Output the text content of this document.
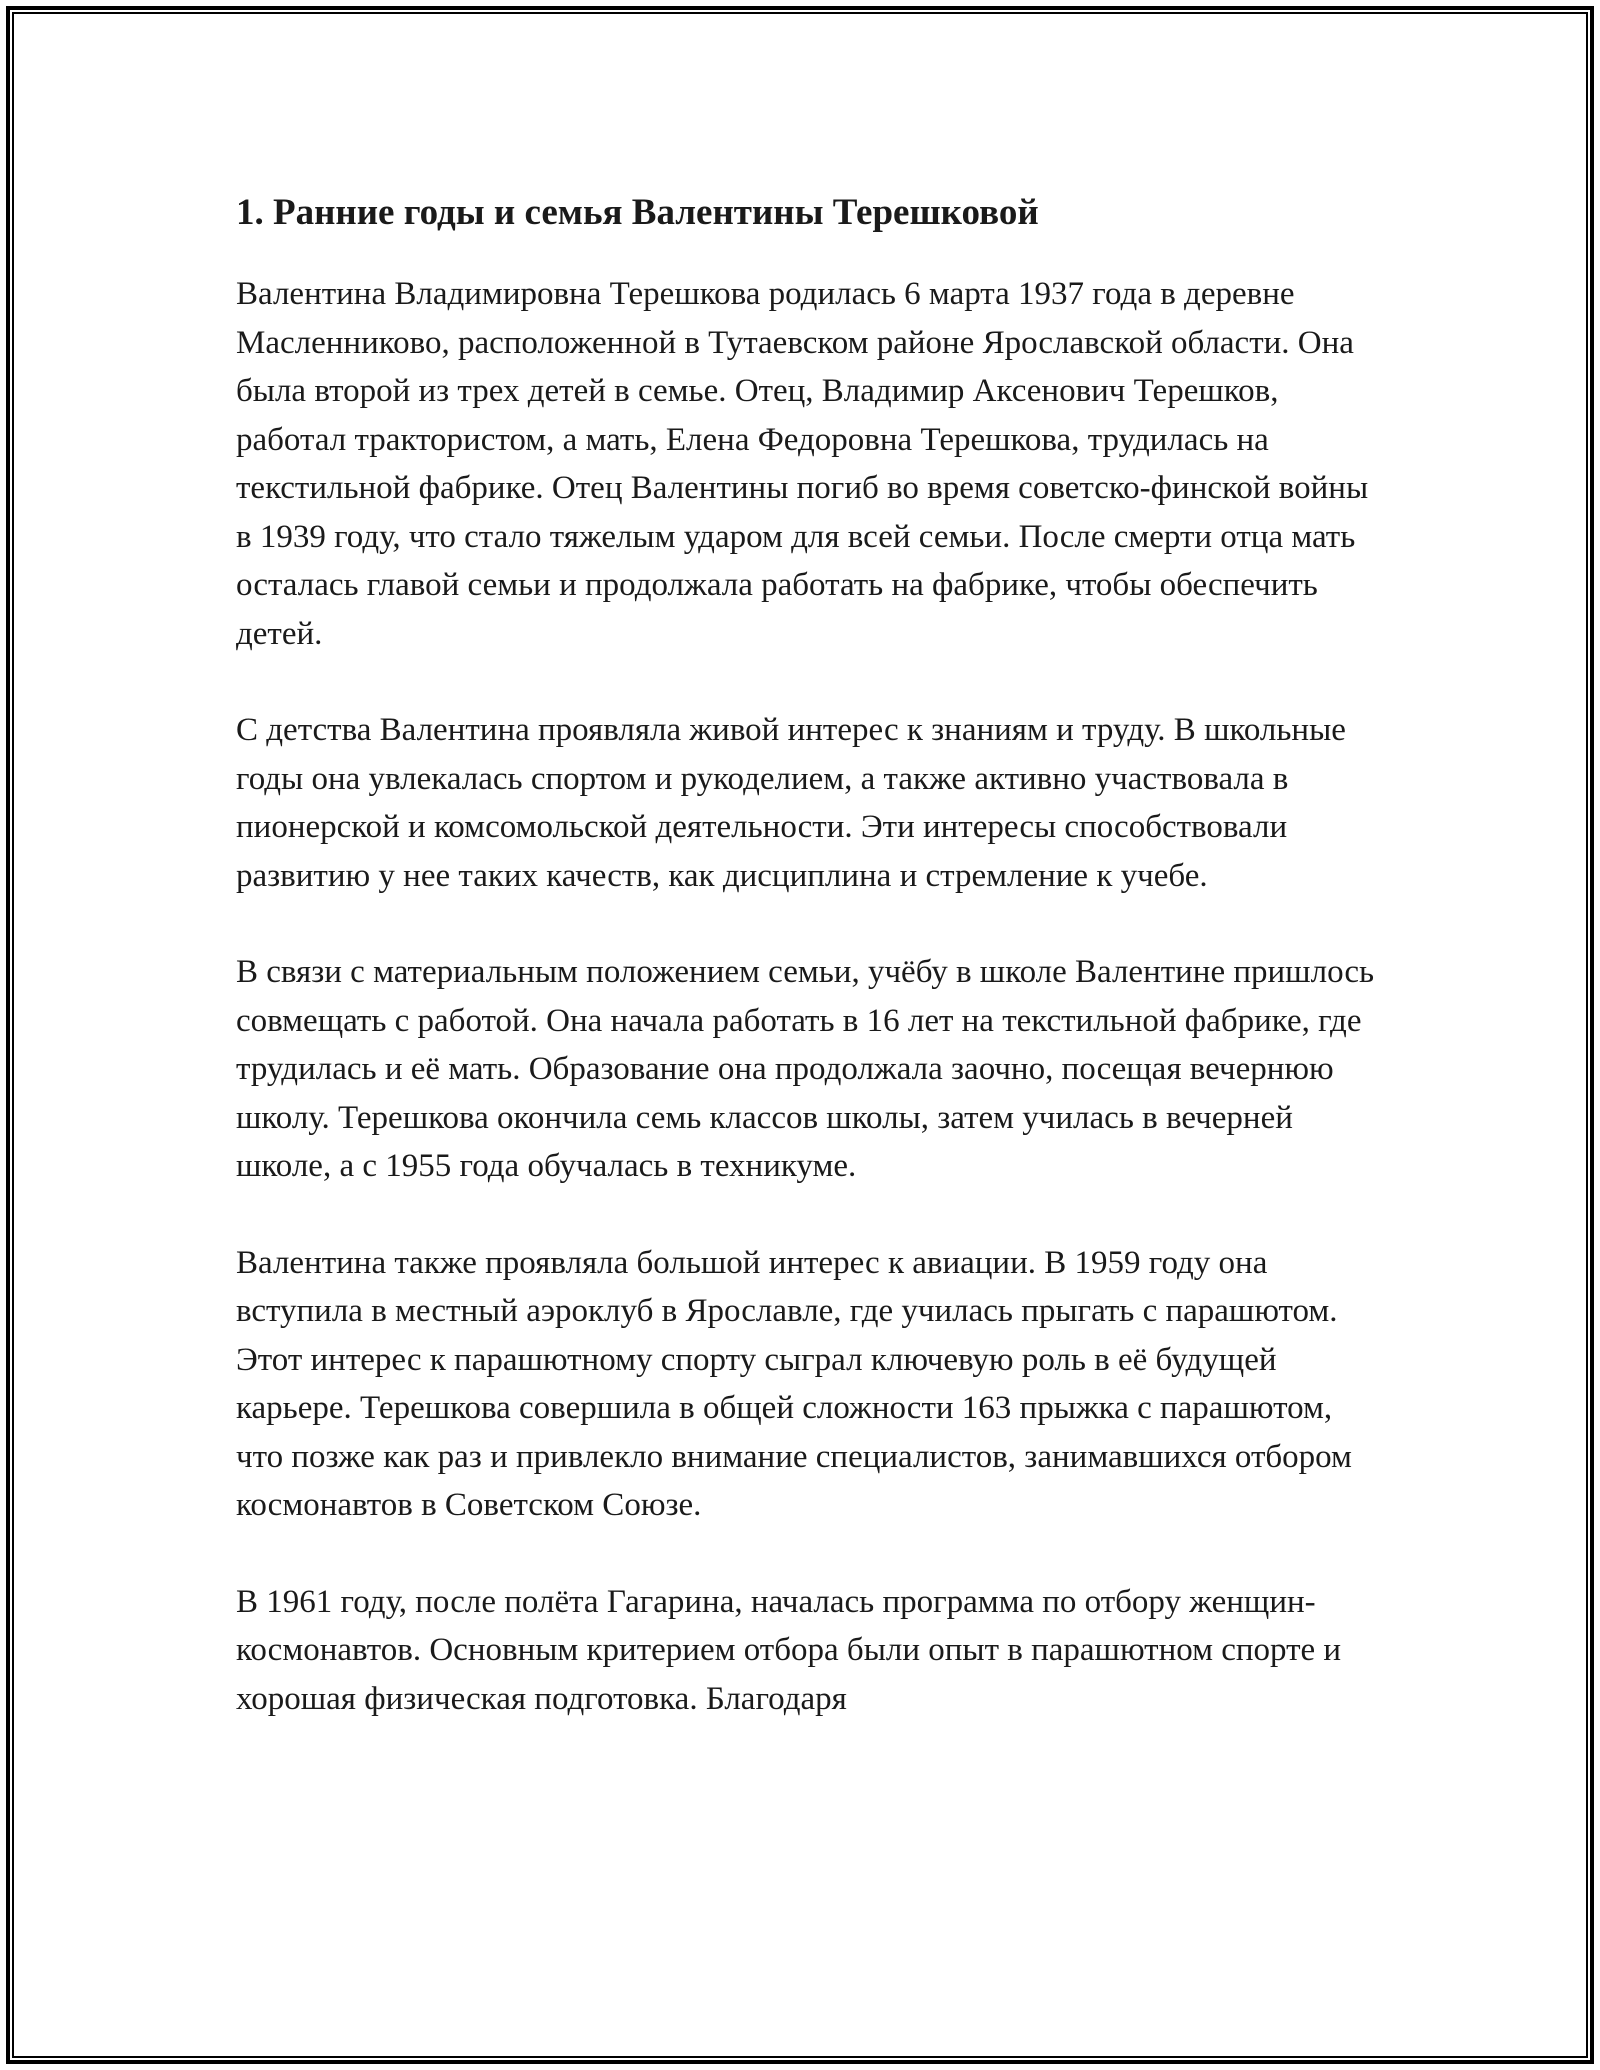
1. Ранние годы и семья Валентины Терешковой

Валентина Владимировна Терешкова родилась 6 марта 1937 года в деревне Масленниково, расположенной в Тутаевском районе Ярославской области. Она была второй из трех детей в семье. Отец, Владимир Аксенович Терешков, работал трактористом, а мать, Елена Федоровна Терешкова, трудилась на текстильной фабрике. Отец Валентины погиб во время советско-финской войны в 1939 году, что стало тяжелым ударом для всей семьи. После смерти отца мать осталась главой семьи и продолжала работать на фабрике, чтобы обеспечить детей.

С детства Валентина проявляла живой интерес к знаниям и труду. В школьные годы она увлекалась спортом и рукоделием, а также активно участвовала в пионерской и комсомольской деятельности. Эти интересы способствовали развитию у нее таких качеств, как дисциплина и стремление к учебе.

В связи с материальным положением семьи, учёбу в школе Валентине пришлось совмещать с работой. Она начала работать в 16 лет на текстильной фабрике, где трудилась и её мать. Образование она продолжала заочно, посещая вечернюю школу. Терешкова окончила семь классов школы, затем училась в вечерней школе, а с 1955 года обучалась в техникуме.

Валентина также проявляла большой интерес к авиации. В 1959 году она вступила в местный аэроклуб в Ярославле, где училась прыгать с парашютом. Этот интерес к парашютному спорту сыграл ключевую роль в её будущей карьере. Терешкова совершила в общей сложности 163 прыжка с парашютом, что позже как раз и привлекло внимание специалистов, занимавшихся отбором космонавтов в Советском Союзе.

В 1961 году, после полёта Гагарина, началась программа по отбору женщин-космонавтов. Основным критерием отбора были опыт в парашютном спорте и хорошая физическая подготовка. Благодаря
